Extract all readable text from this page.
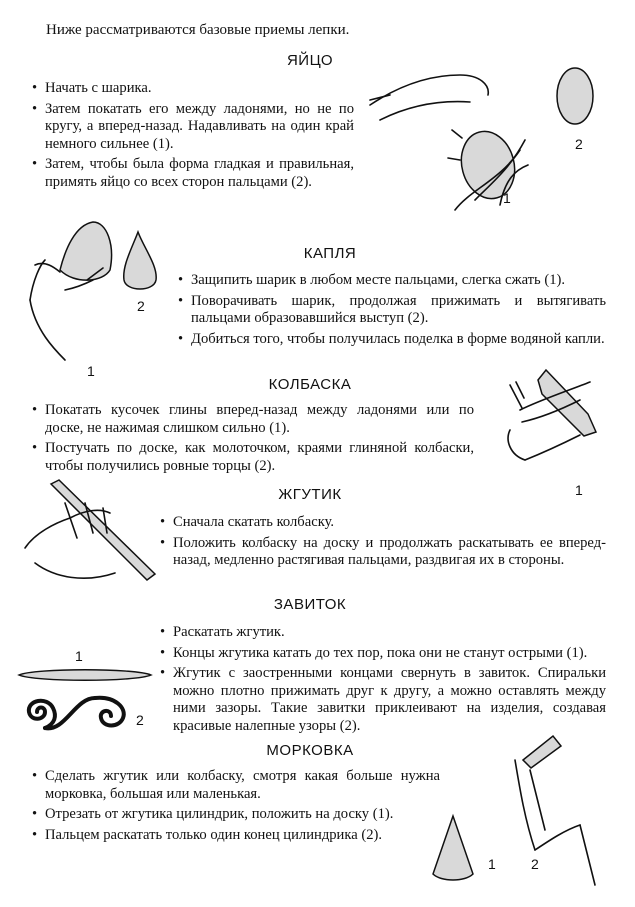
Ниже рассматриваются базовые приемы лепки.
ЯЙЦО
• Начать с шарика.
• Затем покатать его между ладонями, но не по кругу, а вперед-назад. Надавливать на один край немного сильнее (1).
• Затем, чтобы была форма гладкая и правильная, примять яйцо со всех сторон пальцами (2).
1
2
КАПЛЯ
2
1
• Защипить шарик в любом месте пальцами, слегка сжать (1).
• Поворачивать шарик, продолжая прижимать и вытягивать пальцами образовавшийся выступ (2).
• Добиться того, чтобы получилась поделка в форме водяной капли.
КОЛБАСКА
• Покатать кусочек глины вперед-назад между ладонями или по доске, не нажимая слишком сильно (1).
• Постучать по доске, как молоточком, краями глиняной колбаски, чтобы получились ровные торцы (2).
1
ЖГУТИК
• Сначала скатать колбаску.
• Положить колбаску на доску и продолжать раскатывать ее вперед-назад, медленно растягивая пальцами, раздвигая их в стороны.
ЗАВИТОК
• Раскатать жгутик.
• Концы жгутика катать до тех пор, пока они не станут острыми (1).
• Жгутик с заостренными концами свернуть в завиток. Спиральки можно плотно прижимать друг к другу, а можно оставлять между ними зазоры. Такие завитки приклеивают на изделия, создавая красивые налепные узоры (2).
1
2
МОРКОВКА
• Сделать жгутик или колбаску, смотря какая больше нужна морковка, большая или маленькая.
• Отрезать от жгутика цилиндрик, положить на доску (1).
• Пальцем раскатать только один конец цилиндрика (2).
1	2
